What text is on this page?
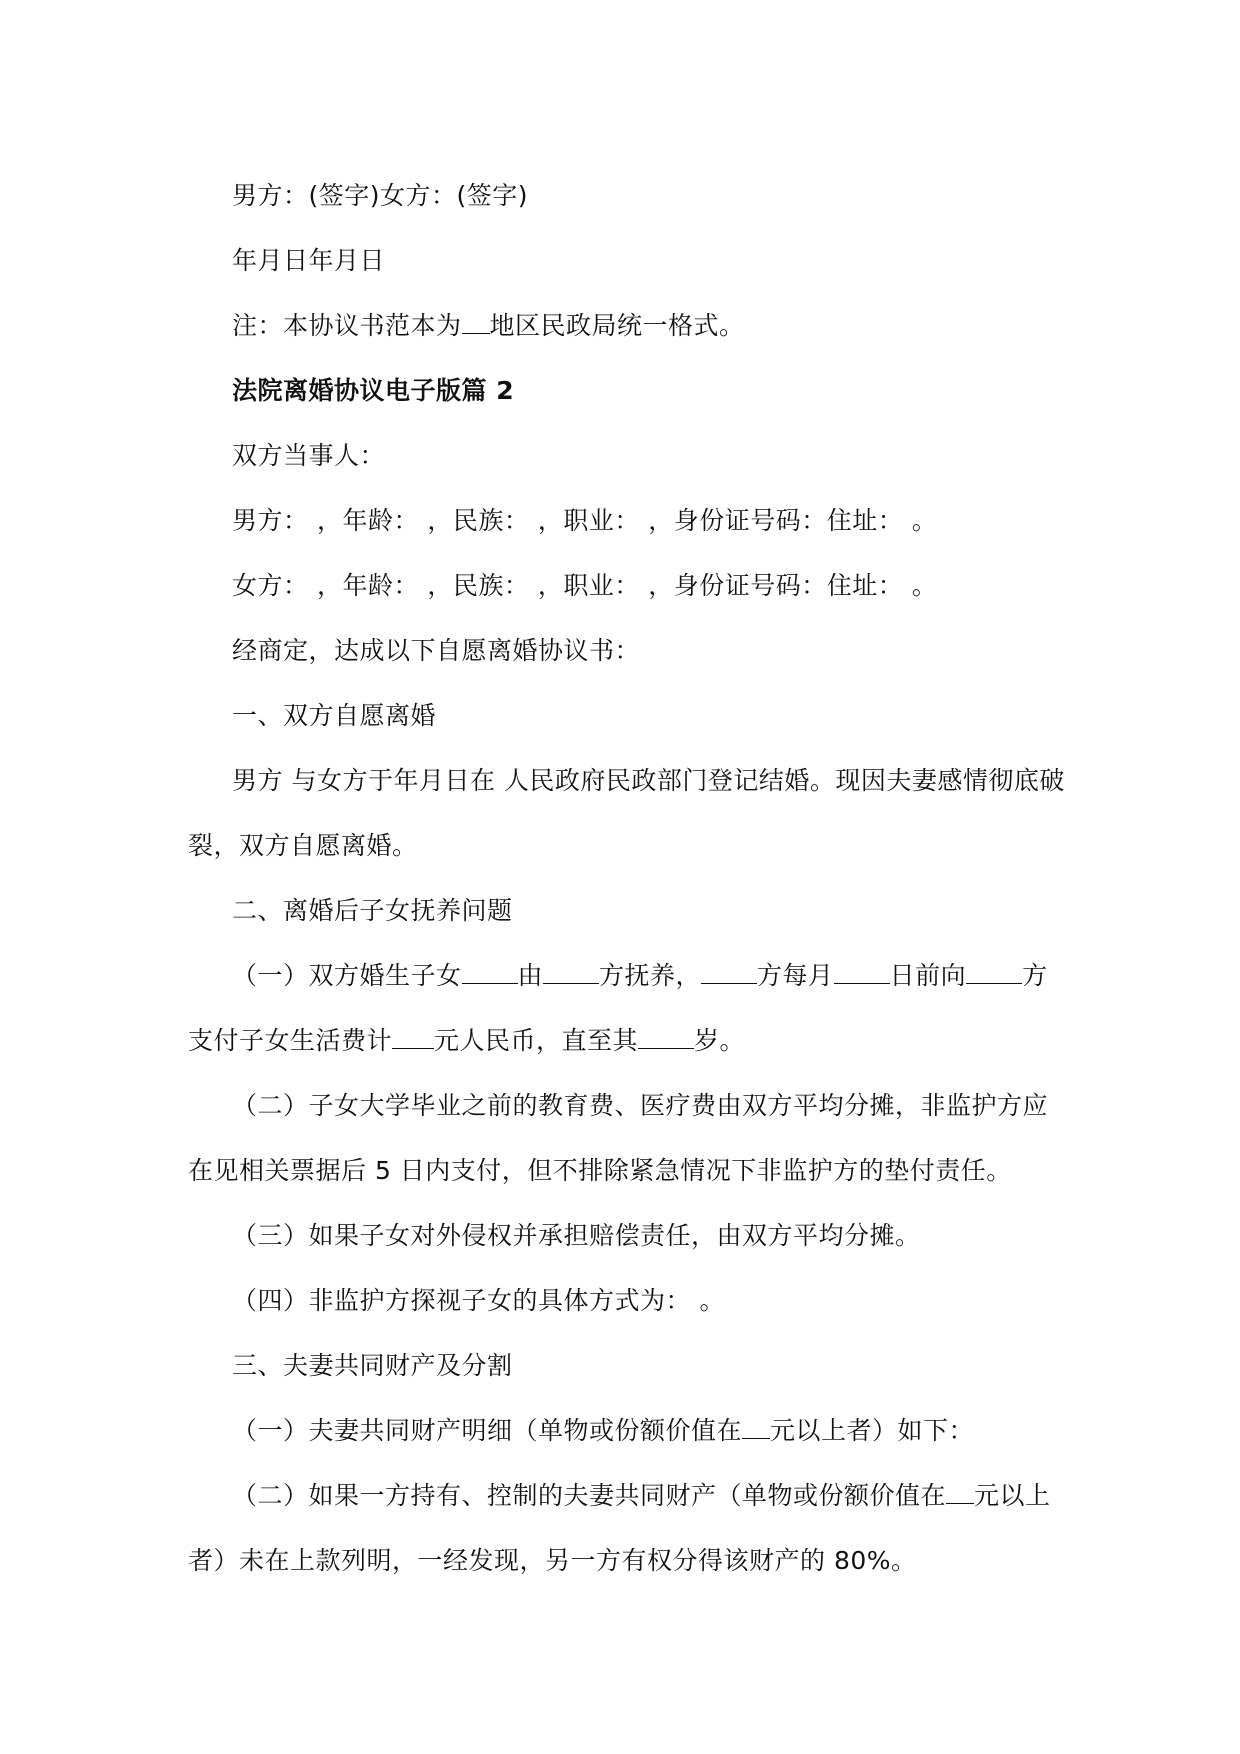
男方：(签字)女方：(签字)
年月日年月日
注：本协议书范本为 地区民政局统一格式。
法院离婚协议电子版篇 2
双方当事人：
男方： ，年龄： ，民族： ，职业： ，身份证号码：住址： 。
女方： ，年龄： ，民族： ，职业： ，身份证号码：住址： 。
经商定，达成以下自愿离婚协议书：
一、双方自愿离婚
男方 与女方于年月日在 人民政府民政部门登记结婚。现因夫妻感情彻底破
裂，双方自愿离婚。
二、离婚后子女抚养问题
（一）双方婚生子女 由 方抚养， 方每月 日前向 方
支付子女生活费计 元人民币，直至其 岁。
（二）子女大学毕业之前的教育费、医疗费由双方平均分摊，非监护方应
在见相关票据后 5 日内支付，但不排除紧急情况下非监护方的垫付责任。
（三）如果子女对外侵权并承担赔偿责任，由双方平均分摊。
（四）非监护方探视子女的具体方式为： 。
三、夫妻共同财产及分割
（一）夫妻共同财产明细（单物或份额价值在 元以上者）如下：
（二）如果一方持有、控制的夫妻共同财产（单物或份额价值在 元以上
者）未在上款列明，一经发现，另一方有权分得该财产的 80%。
